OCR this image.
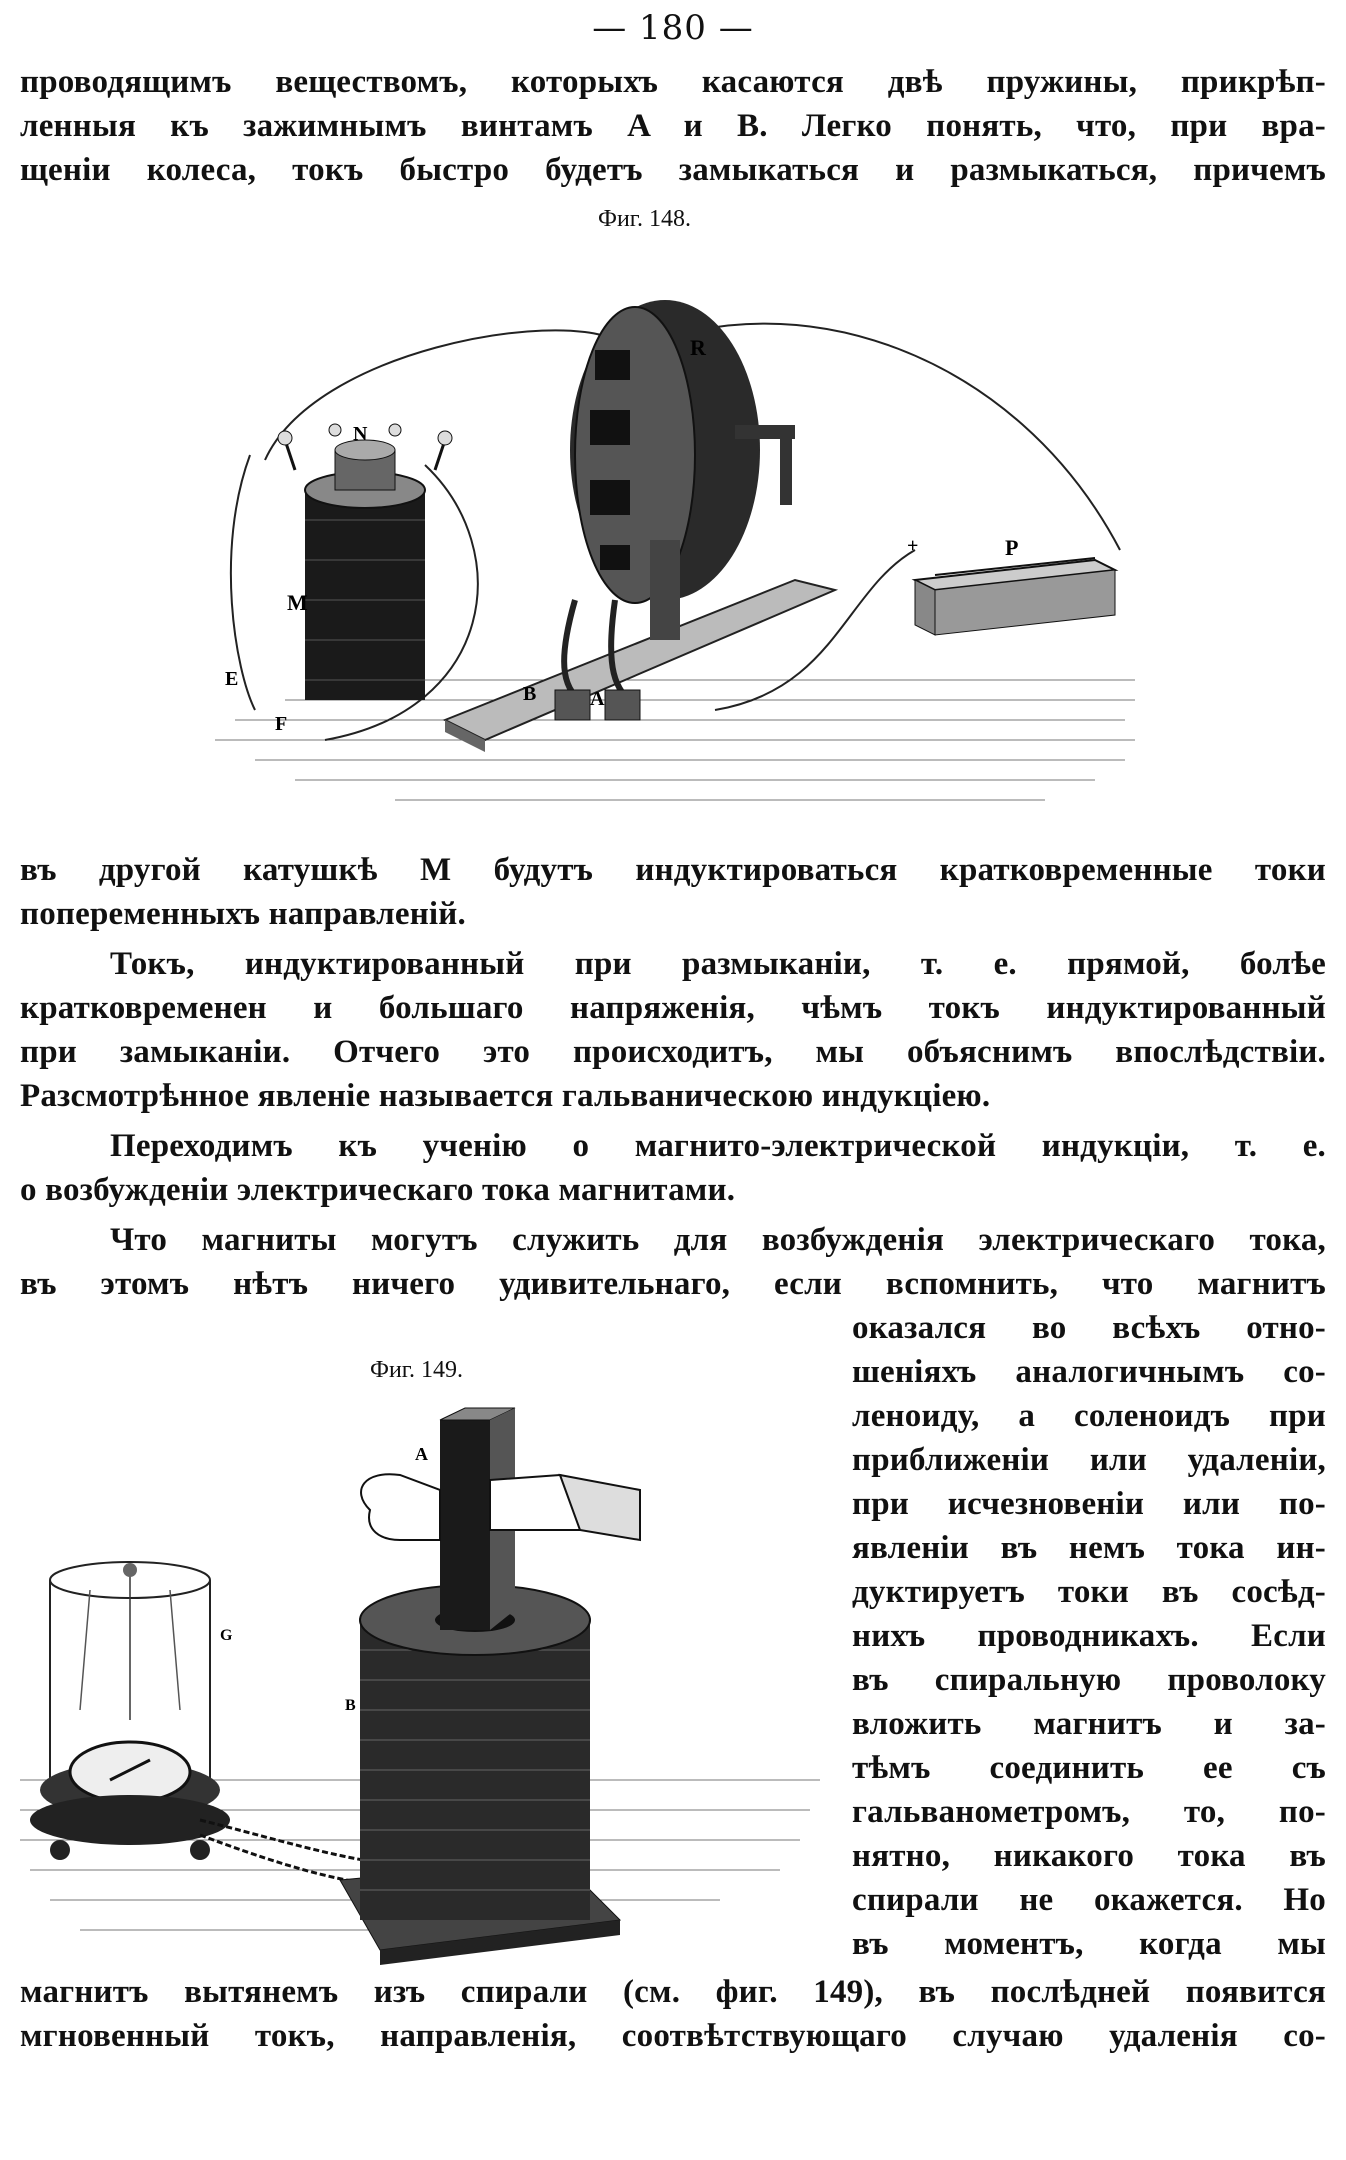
— 180 —
проводящимъ веществомъ, которыхъ касаются двѣ пружины, прикрѣп-
ленныя къ зажимнымъ винтамъ A и B. Легко понять, что, при вра-
щеніи колеса, токъ быстро будетъ замыкаться и размыкаться, причемъ
Фиг. 148.
R
N
P
+
M
E
F
B	A
въ другой катушкѣ M будутъ индуктироваться кратковременные токи
попеременныхъ направленій.
Токъ, индуктированный при размыканіи, т. е. прямой, болѣе
кратковременен и большаго напряженія, чѣмъ токъ индуктированный
при замыканіи. Отчего это происходитъ, мы объяснимъ впослѣдствіи.
Разсмотрѣнное явленіе называется гальваническою индукціею.
Переходимъ къ ученію о магнито-электрической индукціи, т. е.
о возбужденіи электрическаго тока магнитами.
Что магниты могутъ служить для возбужденія электрическаго тока,
въ этомъ нѣтъ ничего удивительнаго, если вспомнить, что магнитъ
Фиг. 149.
A
G
B
оказался во всѣхъ отно-
шеніяхъ аналогичнымъ со-
леноиду, а соленоидъ при
приближеніи или удаленіи,
при исчезновеніи или по-
явленіи въ немъ тока ин-
дуктируетъ токи въ сосѣд-
нихъ проводникахъ. Если
въ спиральную проволоку
вложить магнитъ и за-
тѣмъ соединить ее съ
гальванометромъ, то, по-
нятно, никакого тока въ
спирали не окажется. Но
въ моментъ, когда мы
магнитъ вытянемъ изъ спирали (см. фиг. 149), въ послѣдней появится
мгновенный токъ, направленія, соотвѣтствующаго случаю удаленія со-
